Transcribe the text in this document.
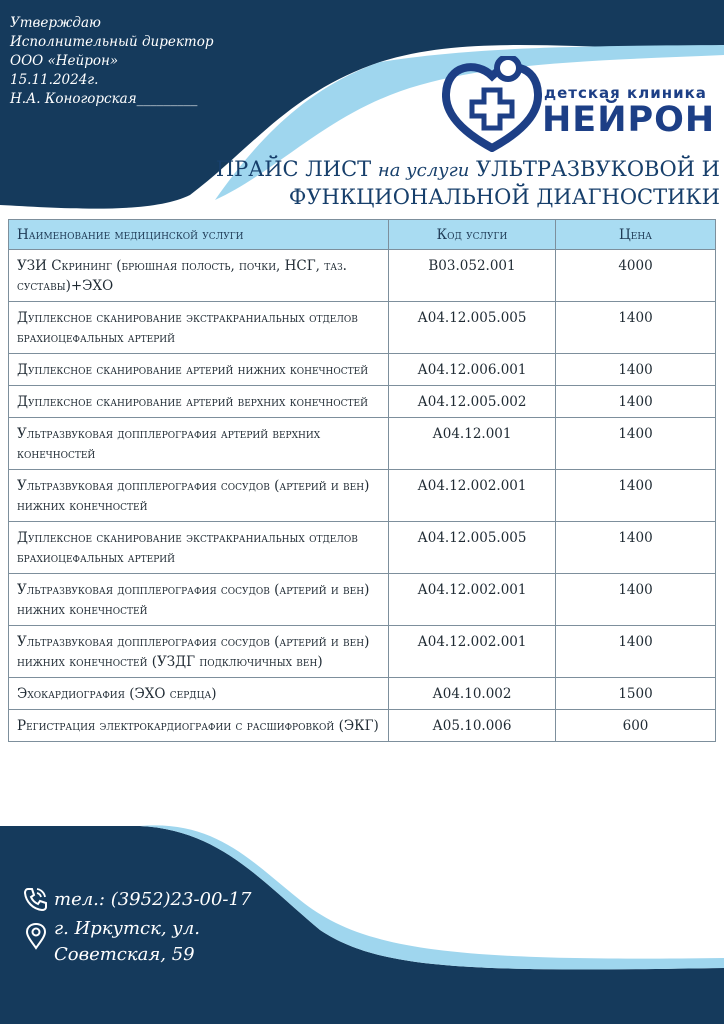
Утверждаю
Исполнительный директор
ООО «Нейрон»
15.11.2024г.
Н.А. Коногорская_________	детская клиника
НЕЙРОН
ПРАЙС ЛИСТ на услуги УЛЬТРАЗВУКОВОЙ И
ФУНКЦИОНАЛЬНОЙ ДИАГНОСТИКИ
Наименование медицинской услуги	Код услуги	Цена
УЗИ Скрининг (брюшная полость, почки, НСГ, таз. суставы)+ЭХО	В03.052.001	4000
Дуплексное сканирование экстракраниальных отделов брахиоцефальных артерий	А04.12.005.005	1400
Дуплексное сканирование артерий нижних конечностей	А04.12.006.001	1400
Дуплексное сканирование артерий верхних конечностей	А04.12.005.002	1400
Ультразвуковая допплерография артерий верхних конечностей	А04.12.001	1400
Ультразвуковая допплерография сосудов (артерий и вен) нижних конечностей	А04.12.002.001	1400
Дуплексное сканирование экстракраниальных отделов брахиоцефальных артерий	А04.12.005.005	1400
Ультразвуковая допплерография сосудов (артерий и вен) нижних конечностей	А04.12.002.001	1400
Ультразвуковая допплерография сосудов (артерий и вен) нижних конечностей (УЗДГ подключичных вен)	А04.12.002.001	1400
Эхокардиография (ЭХО сердца)	А04.10.002	1500
Регистрация электрокардиографии с расшифровкой (ЭКГ)	А05.10.006	600
тел.: (3952)23-00-17
г. Иркутск, ул.
Советская, 59
